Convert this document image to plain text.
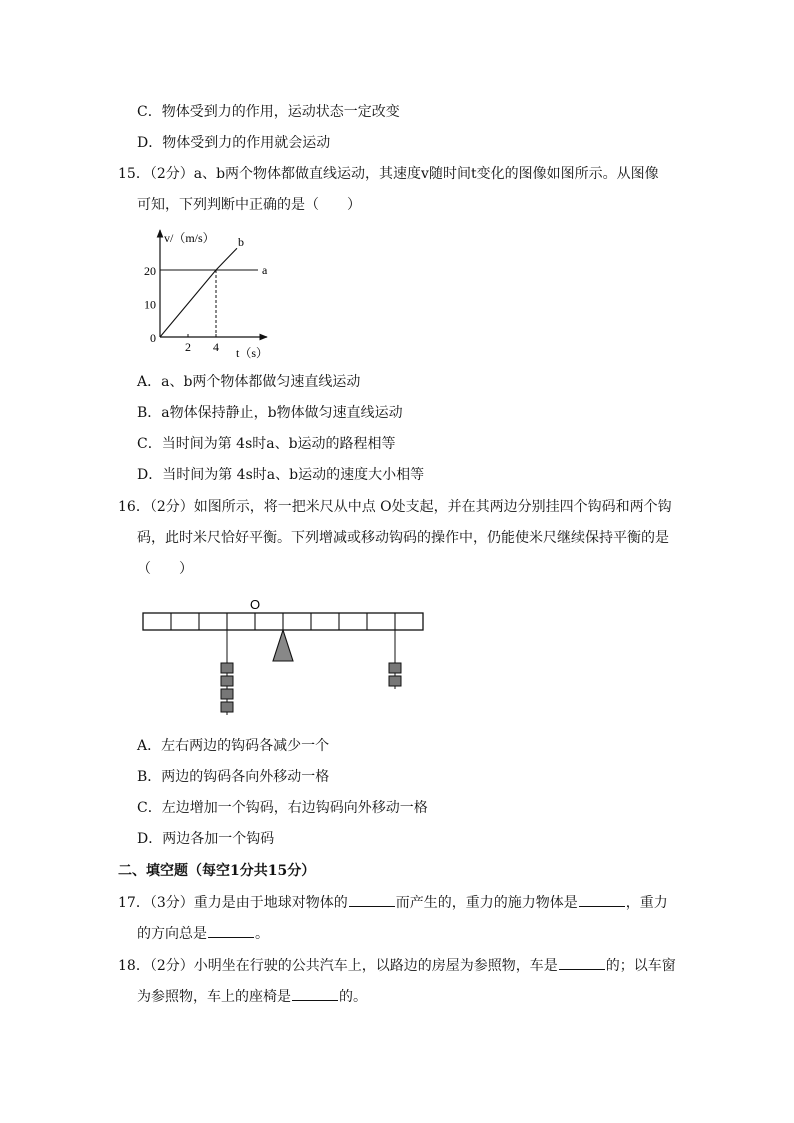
C．物体受到力的作用，运动状态一定改变
D．物体受到力的作用就会运动
15．（2分）a、b两个物体都做直线运动，其速度v随时间t变化的图像如图所示。从图像
可知，下列判断中正确的是（　　）
v/（m/s）
t（s）
0
10
20
2 4
a
b
A．a、b两个物体都做匀速直线运动
B．a物体保持静止，b物体做匀速直线运动
C．当时间为第 4s时a、b运动的路程相等
D．当时间为第 4s时a、b运动的速度大小相等
16．（2分）如图所示，将一把米尺从中点 O处支起，并在其两边分别挂四个钩码和两个钩
码，此时米尺恰好平衡。下列增减或移动钩码的操作中，仍能使米尺继续保持平衡的是
（　　）
O
A．左右两边的钩码各减少一个
B．两边的钩码各向外移动一格
C．左边增加一个钩码，右边钩码向外移动一格
D．两边各加一个钩码
二、填空题（每空1分共15分）
17．（3分）重力是由于地球对物体的	而产生的，重力的施力物体是	，重力
的方向总是	。
18．（2分）小明坐在行驶的公共汽车上，以路边的房屋为参照物，车是	的；以车窗
为参照物，车上的座椅是	的。
